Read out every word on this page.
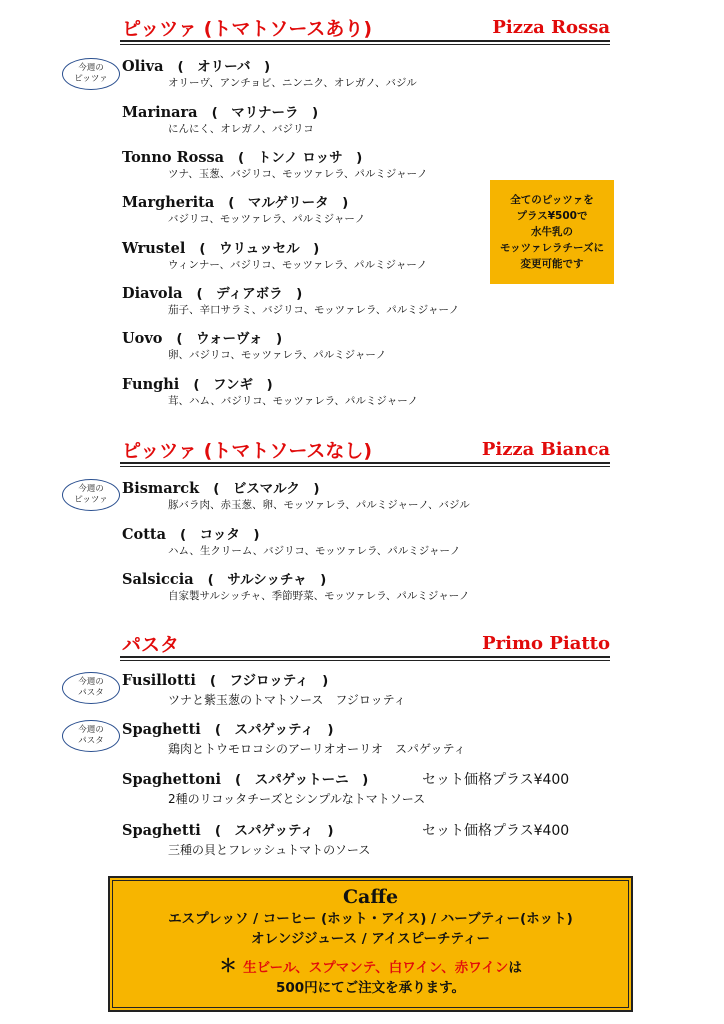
ピッツァ (トマトソースあり)	Pizza Rossa
今週の
ピッツァ
Oliva (　オリーバ　)
オリーヴ、アンチョビ、ニンニク、オレガノ、バジル
Marinara (　マリナーラ　)
にんにく、オレガノ、バジリコ
Tonno Rossa (　トンノ ロッサ　)
ツナ、玉葱、バジリコ、モッツァレラ、パルミジャーノ
Margherita (　マルゲリータ　)
バジリコ、モッツァレラ、パルミジャーノ
Wrustel (　ウリュッセル　)
ウィンナー、バジリコ、モッツァレラ、パルミジャーノ
Diavola (　ディアボラ　)
茄子、辛口サラミ、バジリコ、モッツァレラ、パルミジャーノ
Uovo (　ウォーヴォ　)
卵、バジリコ、モッツァレラ、パルミジャーノ
Funghi (　フンギ　)
茸、ハム、バジリコ、モッツァレラ、パルミジャーノ
全てのピッツァを
プラス¥500で
水牛乳の
モッツァレラチーズに
変更可能です
ピッツァ (トマトソースなし)	Pizza Bianca
今週の
ピッツァ
Bismarck (　ビスマルク　)
豚バラ肉、赤玉葱、卵、モッツァレラ、パルミジャーノ、バジル
Cotta (　コッタ　)
ハム、生クリーム、バジリコ、モッツァレラ、パルミジャーノ
Salsiccia (　サルシッチャ　)
自家製サルシッチャ、季節野菜、モッツァレラ、パルミジャーノ
パスタ	Primo Piatto
今週の
パスタ
今週の
パスタ
Fusillotti (　フジロッティ　)
ツナと紫玉葱のトマトソース　フジロッティ
Spaghetti (　スパゲッティ　)
鶏肉とトウモロコシのアーリオオーリオ　スパゲッティ
Spaghettoni (　スパゲットーニ　)	セット価格プラス¥400
2種のリコッタチーズとシンプルなトマトソース
Spaghetti (　スパゲッティ　)	セット価格プラス¥400
三種の貝とフレッシュトマトのソース
Caffe
エスプレッソ / コーヒー (ホット・アイス) / ハーブティー(ホット)
オレンジジュース / アイスピーチティー
＊ 生ビール、スプマンテ、白ワイン、赤ワインは
500円にてご注文を承ります。
